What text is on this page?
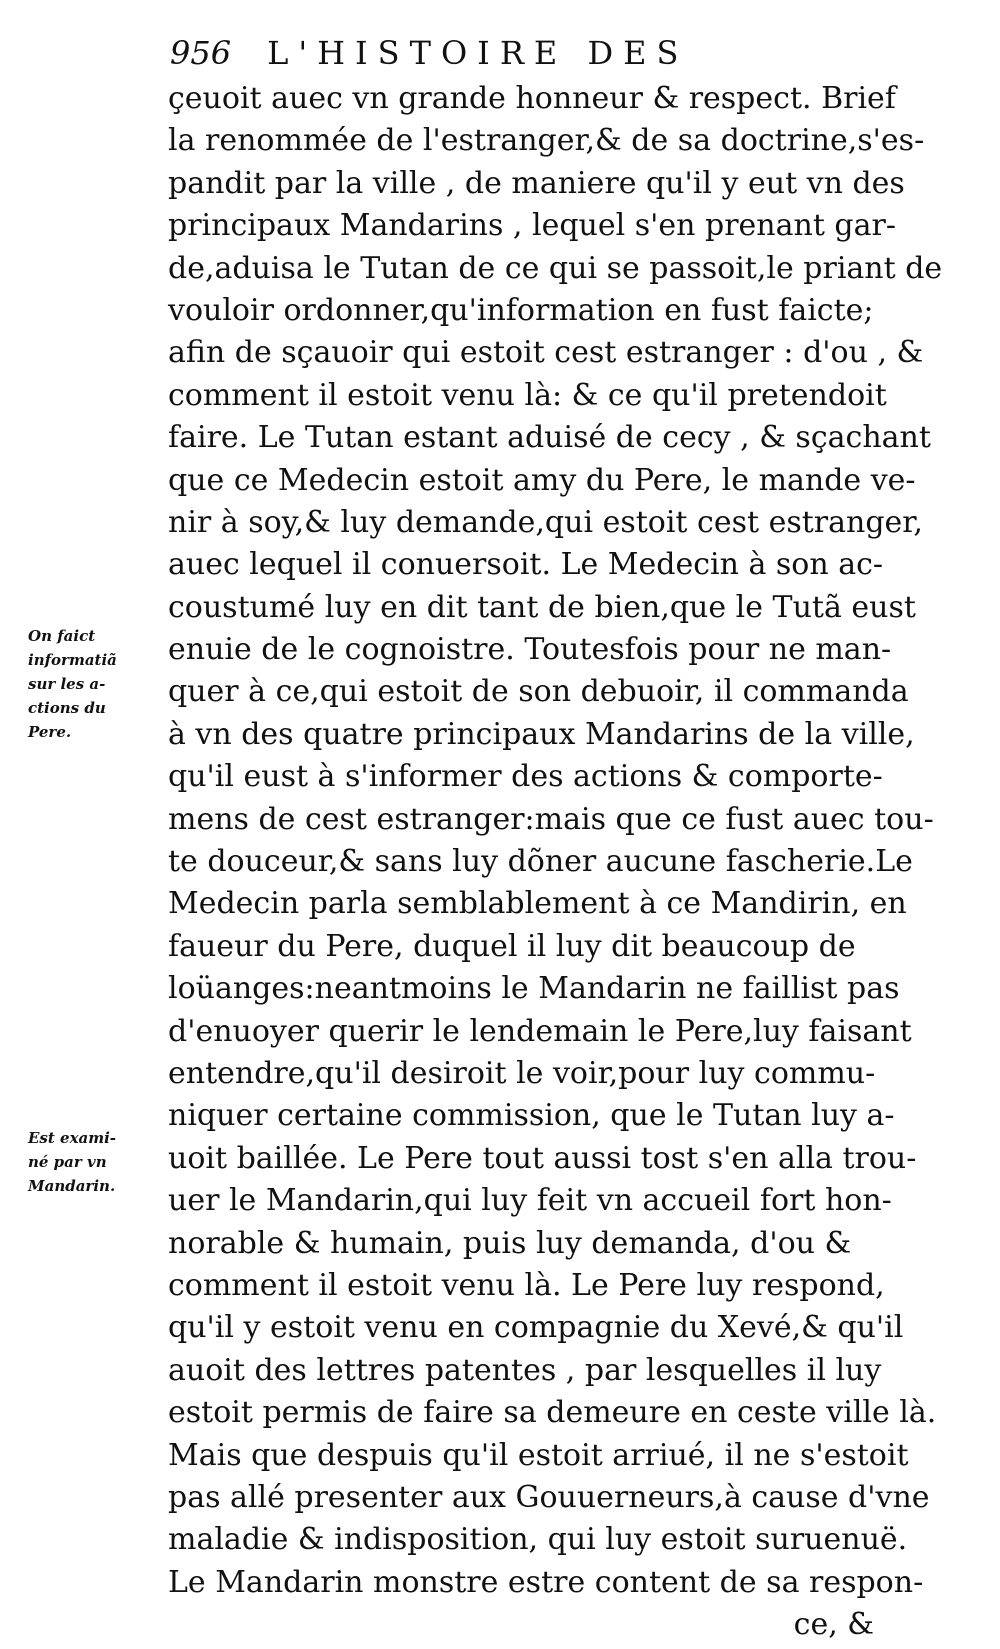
956 L'HISTOIRE DES
On faict
informatiã
sur les a-
ctions du
Pere.
Est exami-
né par vn
Mandarin.
çeuoit auec vn grande honneur & respect. Brief
la renommée de l'estranger,& de sa doctrine,s'es-
pandit par la ville , de maniere qu'il y eut vn des
principaux Mandarins , lequel s'en prenant gar-
de,aduisa le Tutan de ce qui se passoit,le priant de
vouloir ordonner,qu'information en fust faicte;
afin de sçauoir qui estoit cest estranger : d'ou , &
comment il estoit venu là: & ce qu'il pretendoit
faire. Le Tutan estant aduisé de cecy , & sçachant
que ce Medecin estoit amy du Pere, le mande ve-
nir à soy,& luy demande,qui estoit cest estranger,
auec lequel il conuersoit. Le Medecin à son ac-
coustumé luy en dit tant de bien,que le Tutã eust
enuie de le cognoistre. Toutesfois pour ne man-
quer à ce,qui estoit de son debuoir, il commanda
à vn des quatre principaux Mandarins de la ville,
qu'il eust à s'informer des actions & comporte-
mens de cest estranger:mais que ce fust auec tou-
te douceur,& sans luy dõner aucune fascherie.Le
Medecin parla semblablement à ce Mandirin, en
faueur du Pere, duquel il luy dit beaucoup de
loüanges:neantmoins le Mandarin ne faillist pas
d'enuoyer querir le lendemain le Pere,luy faisant
entendre,qu'il desiroit le voir,pour luy commu-
niquer certaine commission, que le Tutan luy a-
uoit baillée. Le Pere tout aussi tost s'en alla trou-
uer le Mandarin,qui luy feit vn accueil fort hon-
norable & humain, puis luy demanda, d'ou &
comment il estoit venu là. Le Pere luy respond,
qu'il y estoit venu en compagnie du Xevé,& qu'il
auoit des lettres patentes , par lesquelles il luy
estoit permis de faire sa demeure en ceste ville là.
Mais que despuis qu'il estoit arriué, il ne s'estoit
pas allé presenter aux Gouuerneurs,à cause d'vne
maladie & indisposition, qui luy estoit suruenuë.
Le Mandarin monstre estre content de sa respon-
ce, &
